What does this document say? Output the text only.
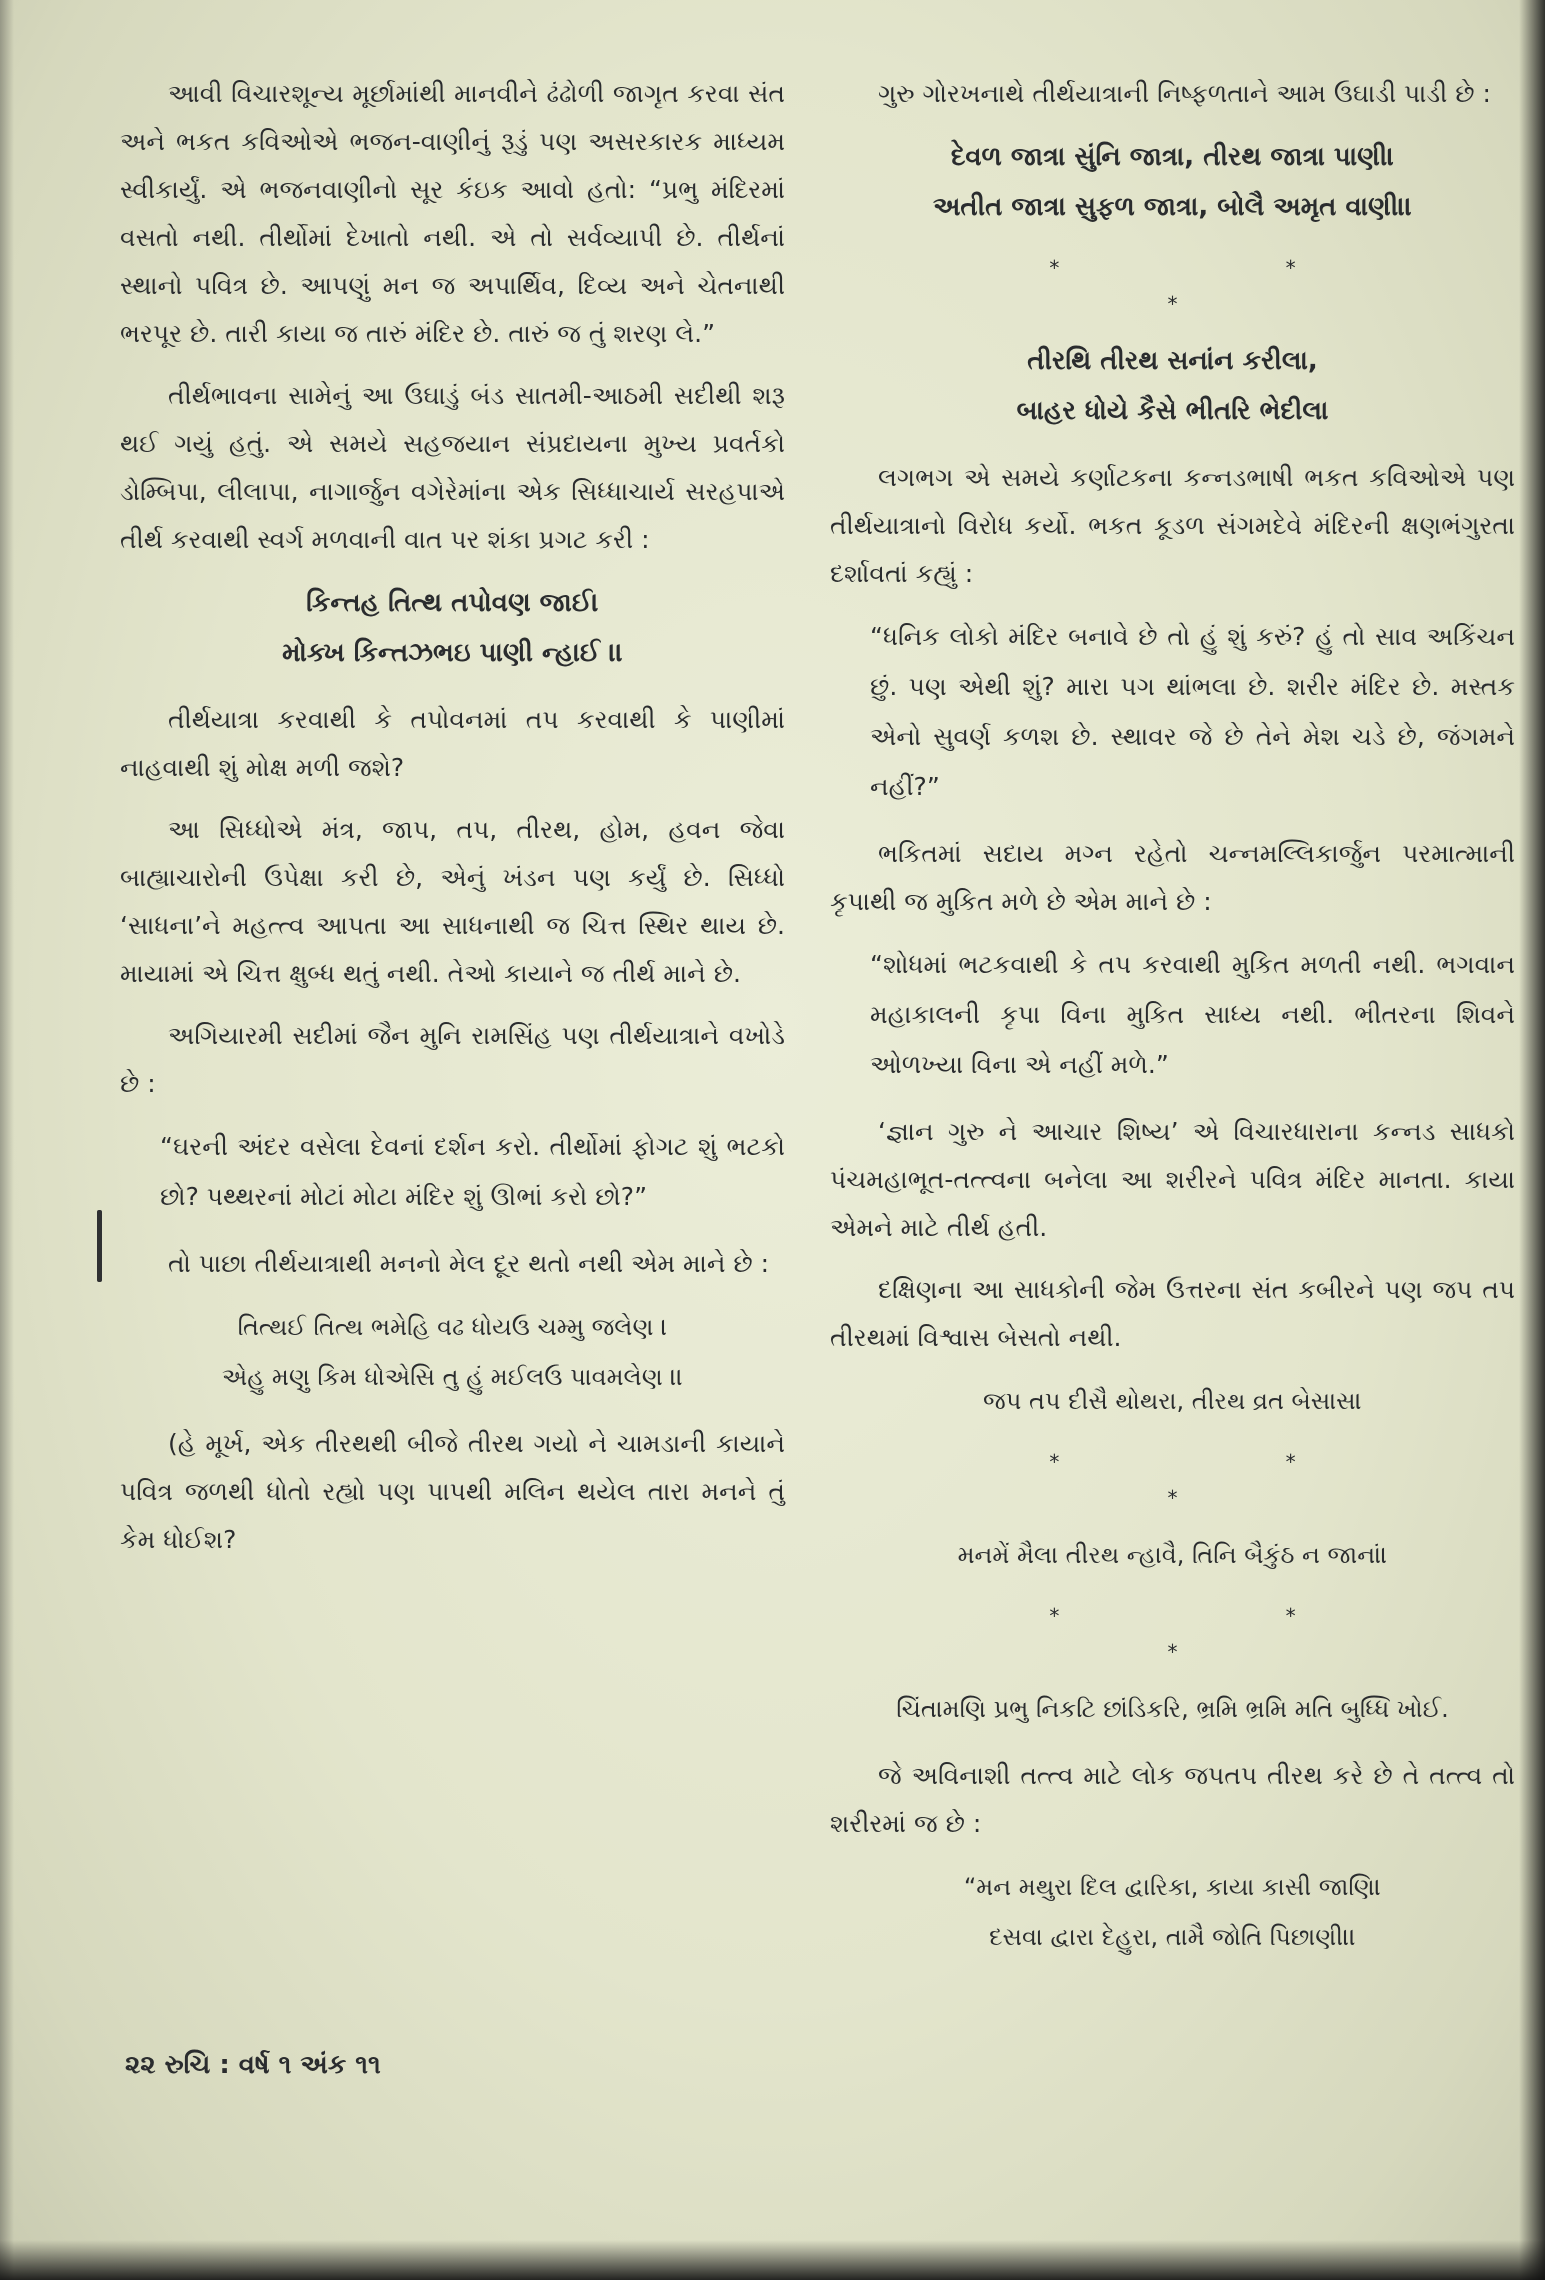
આવી વિચારશૂન્ય મૂર્છામાંથી માનવીને ઢંઢોળી જાગૃત કરવા સંત અને ભકત કવિઓએ ભજન-વાણીનું રૂડું પણ અસરકારક માધ્યમ સ્વીકાર્યું. એ ભજનવાણીનો સૂર કંઇક આવો હતો: “પ્રભુ મંદિરમાં વસતો નથી. તીર્થોમાં દેખાતો નથી. એ તો સર્વવ્યાપી છે. તીર્થનાં સ્થાનો પવિત્ર છે. આપણું મન જ અપાર્થિવ, દિવ્ય અને ચેતનાથી ભરપૂર છે. તારી કાયા જ તારું મંદિર છે. તારું જ તું શરણ લે.”

તીર્થભાવના સામેનું આ ઉઘાડું બંડ સાતમી-આઠમી સદીથી શરૂ થઈ ગયું હતું. એ સમયે સહજયાન સંપ્રદાયના મુખ્ય પ્રવર્તકો ડોમ્બિપા, લીલાપા, નાગાર્જુન વગેરેમાંના એક સિધ્ધાચાર્ય સરહપાએ તીર્થ કરવાથી સ્વર્ગ મળવાની વાત પર શંકા પ્રગટ કરી :

કિન્તહ તિત્થ તપોવણ જાઈ।
મોક્ખ કિન્તઝભઇ પાણી ન્હાઈ ।।

તીર્થયાત્રા કરવાથી કે તપોવનમાં તપ કરવાથી કે પાણીમાં નાહવાથી શું મોક્ષ મળી જશે?

આ સિધ્ધોએ મંત્ર, જાપ, તપ, તીરથ, હોમ, હવન જેવા બાહ્યાચારોની ઉપેક્ષા કરી છે, એનું ખંડન પણ કર્યું છે. સિધ્ધો ‘સાધના’ને મહત્ત્વ આપતા આ સાધનાથી જ ચિત્ત સ્થિર થાય છે. માયામાં એ ચિત્ત ક્ષુબ્ધ થતું નથી. તેઓ કાયાને જ તીર્થ માને છે.

અગિયારમી સદીમાં જૈન મુનિ રામસિંહ પણ તીર્થયાત્રાને વખોડે છે :

“ઘરની અંદર વસેલા દેવનાં દર્શન કરો. તીર્થોમાં ફોગટ શું ભટકો છો? પથ્થરનાં મોટાં મોટા મંદિર શું ઊભાં કરો છો?”

તો પાછા તીર્થયાત્રાથી મનનો મેલ દૂર થતો નથી એમ માને છે :

તિત્થઈ તિત્થ ભમેહિ વઢ ધોયઉ ચમ્મુ જલેણ ।
એહુ મણુ કિમ ધોએસિ તુ હું મઈલઉ પાવમલેણ ।।

(હે મૂર્ખ, એક તીરથથી બીજે તીરથ ગયો ને ચામડાની કાયાને પવિત્ર જળથી ધોતો રહ્યો પણ પાપથી મલિન થયેલ તારા મનને તું કેમ ધોઈશ?

ગુરુ ગોરખનાથે તીર્થયાત્રાની નિષ્ફળતાને આમ ઉઘાડી પાડી છે :

દેવળ જાત્રા સુંનિ જાત્રા, તીરથ જાત્રા પાણી।
અતીત જાત્રા સુફળ જાત્રા, બોલૈ અમૃત વાણી।।
* * *
તીરથિ તીરથ સનાંન કરીલા,
બાહર ધોયે કૈસે ભીતરિ ભેદીલા

લગભગ એ સમયે કર્ણાટકના કન્નડભાષી ભકત કવિઓએ પણ તીર્થયાત્રાનો વિરોધ કર્યો. ભકત કૂડળ સંગમદેવે મંદિરની ક્ષણભંગુરતા દર્શાવતાં કહ્યું :

“ધનિક લોકો મંદિર બનાવે છે તો હું શું કરું? હું તો સાવ અકિંચન છું. પણ એથી શું? મારા પગ થાંભલા છે. શરીર મંદિર છે. મસ્તક એનો સુવર્ણ કળશ છે. સ્થાવર જે છે તેને મેશ ચડે છે, જંગમને નહીં?”

ભકિતમાં સદાય મગ્ન રહેતો ચન્નમલ્લિકાર્જુન પરમાત્માની કૃપાથી જ મુકિત મળે છે એમ માને છે :

“શોધમાં ભટકવાથી કે તપ કરવાથી મુકિત મળતી નથી. ભગવાન મહાકાલની કૃપા વિના મુકિત સાધ્ય નથી. ભીતરના શિવને ઓળખ્યા વિના એ નહીં મળે.”

‘જ્ઞાન ગુરુ ને આચાર શિષ્ય’ એ વિચારધારાના કન્નડ સાધકો પંચમહાભૂત-તત્ત્વના બનેલા આ શરીરને પવિત્ર મંદિર માનતા. કાયા એમને માટે તીર્થ હતી.

દક્ષિણના આ સાધકોની જેમ ઉત્તરના સંત કબીરને પણ જપ તપ તીરથમાં વિશ્વાસ બેસતો નથી.

જપ તપ દીસૈ થોથરા, તીરથ વ્રત બેસાસ।
* * *
મનમેં મૈલા તીરથ ન્હાવૈ, તિનિ બૈકુંઠ ન જાનાં।
* * *
ચિંતામણિ પ્રભુ નિકટિ છાંડિકરિ, ભ્રમિ ભ્રમિ મતિ બુધ્ધિ ખોઈ.

જે અવિનાશી તત્ત્વ માટે લોક જપતપ તીરથ કરે છે તે તત્ત્વ તો શરીરમાં જ છે :

“મન મથુરા દિલ દ્વારિકા, કાયા કાસી જાણિ।
દસવા દ્વારા દેહુરા, તામૈ જોતિ પિછાણી।।
૨૨ રુચિ : વર્ષ ૧ અંક ૧૧
